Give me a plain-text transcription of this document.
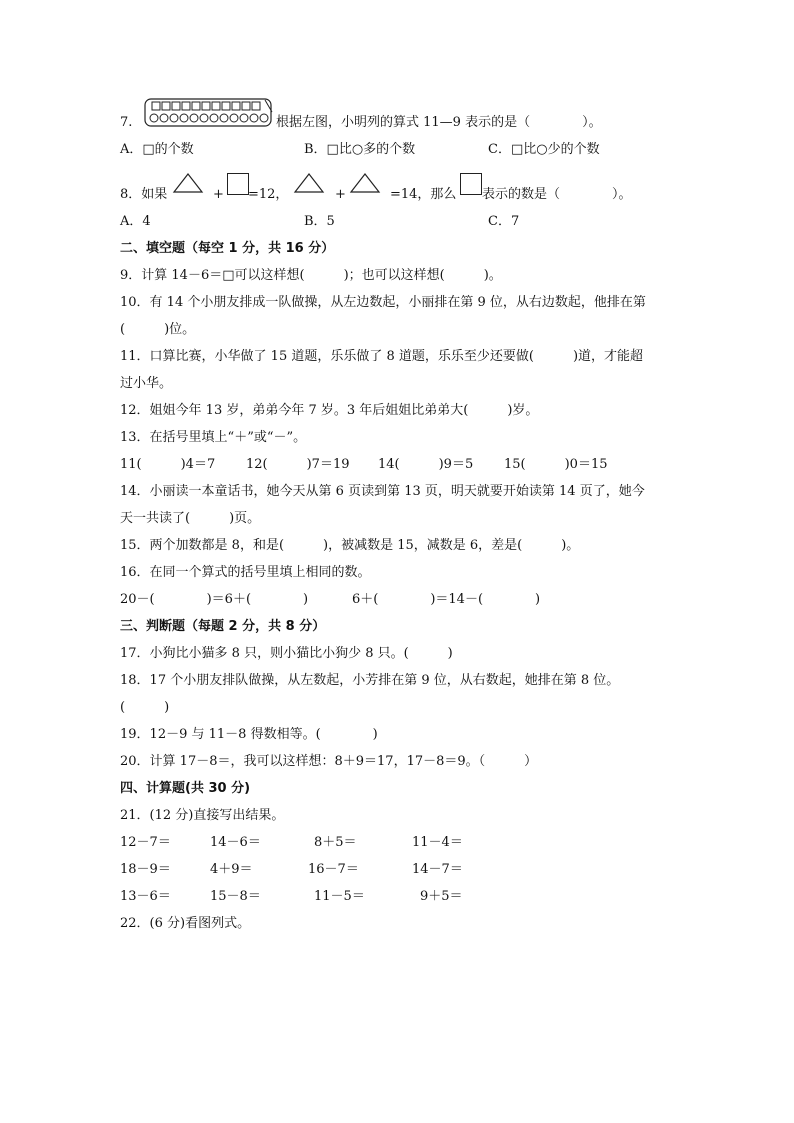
7.	根据左图，小明列的算式 11—9 表示的是（　　　　）。
A．□的个数	B．□比○多的个数	C．□比○少的个数
8．如果	+ =12，	+	=14，那么 表示的数是（　　　　）。
A．4	B．5	C．7
二、填空题（每空 1 分，共 16 分）
9．计算 14－6＝□可以这样想(　　　)；也可以这样想(　　　)。
10．有 14 个小朋友排成一队做操，从左边数起，小丽排在第 9 位，从右边数起，他排在第
(　　　)位。
11．口算比赛，小华做了 15 道题，乐乐做了 8 道题，乐乐至少还要做(　　　)道，才能超
过小华。
12．姐姐今年 13 岁，弟弟今年 7 岁。3 年后姐姐比弟弟大(　　　)岁。
13．在括号里填上“＋”或“－”。
11(　　　)4＝7 12(　　　)7＝19 14(　　　)9＝5 15(　　　)0＝15
14．小丽读一本童话书，她今天从第 6 页读到第 13 页，明天就要开始读第 14 页了，她今
天一共读了(　　　)页。
15．两个加数都是 8，和是(　　　)，被减数是 15，减数是 6，差是(　　　)。
16．在同一个算式的括号里填上相同的数。
20－(　　　　)＝6＋(　　　　)	6＋(　　　　)＝14－(　　　　)
三、判断题（每题 2 分，共 8 分）
17．小狗比小猫多 8 只，则小猫比小狗少 8 只。(　　　)
18．17 个小朋友排队做操，从左数起，小芳排在第 9 位，从右数起，她排在第 8 位。
(　　　)
19．12－9 与 11－8 得数相等。(　　　　)
20．计算 17－8＝，我可以这样想：8＋9＝17，17－8＝9。（　　　）
四、计算题(共 30 分)
21．(12 分)直接写出结果。
12－7＝	14－6＝	8＋5＝	11－4＝
18－9＝	4＋9＝	16－7＝	14－7＝
13－6＝	15－8＝	11－5＝	9＋5＝
22．(6 分)看图列式。
